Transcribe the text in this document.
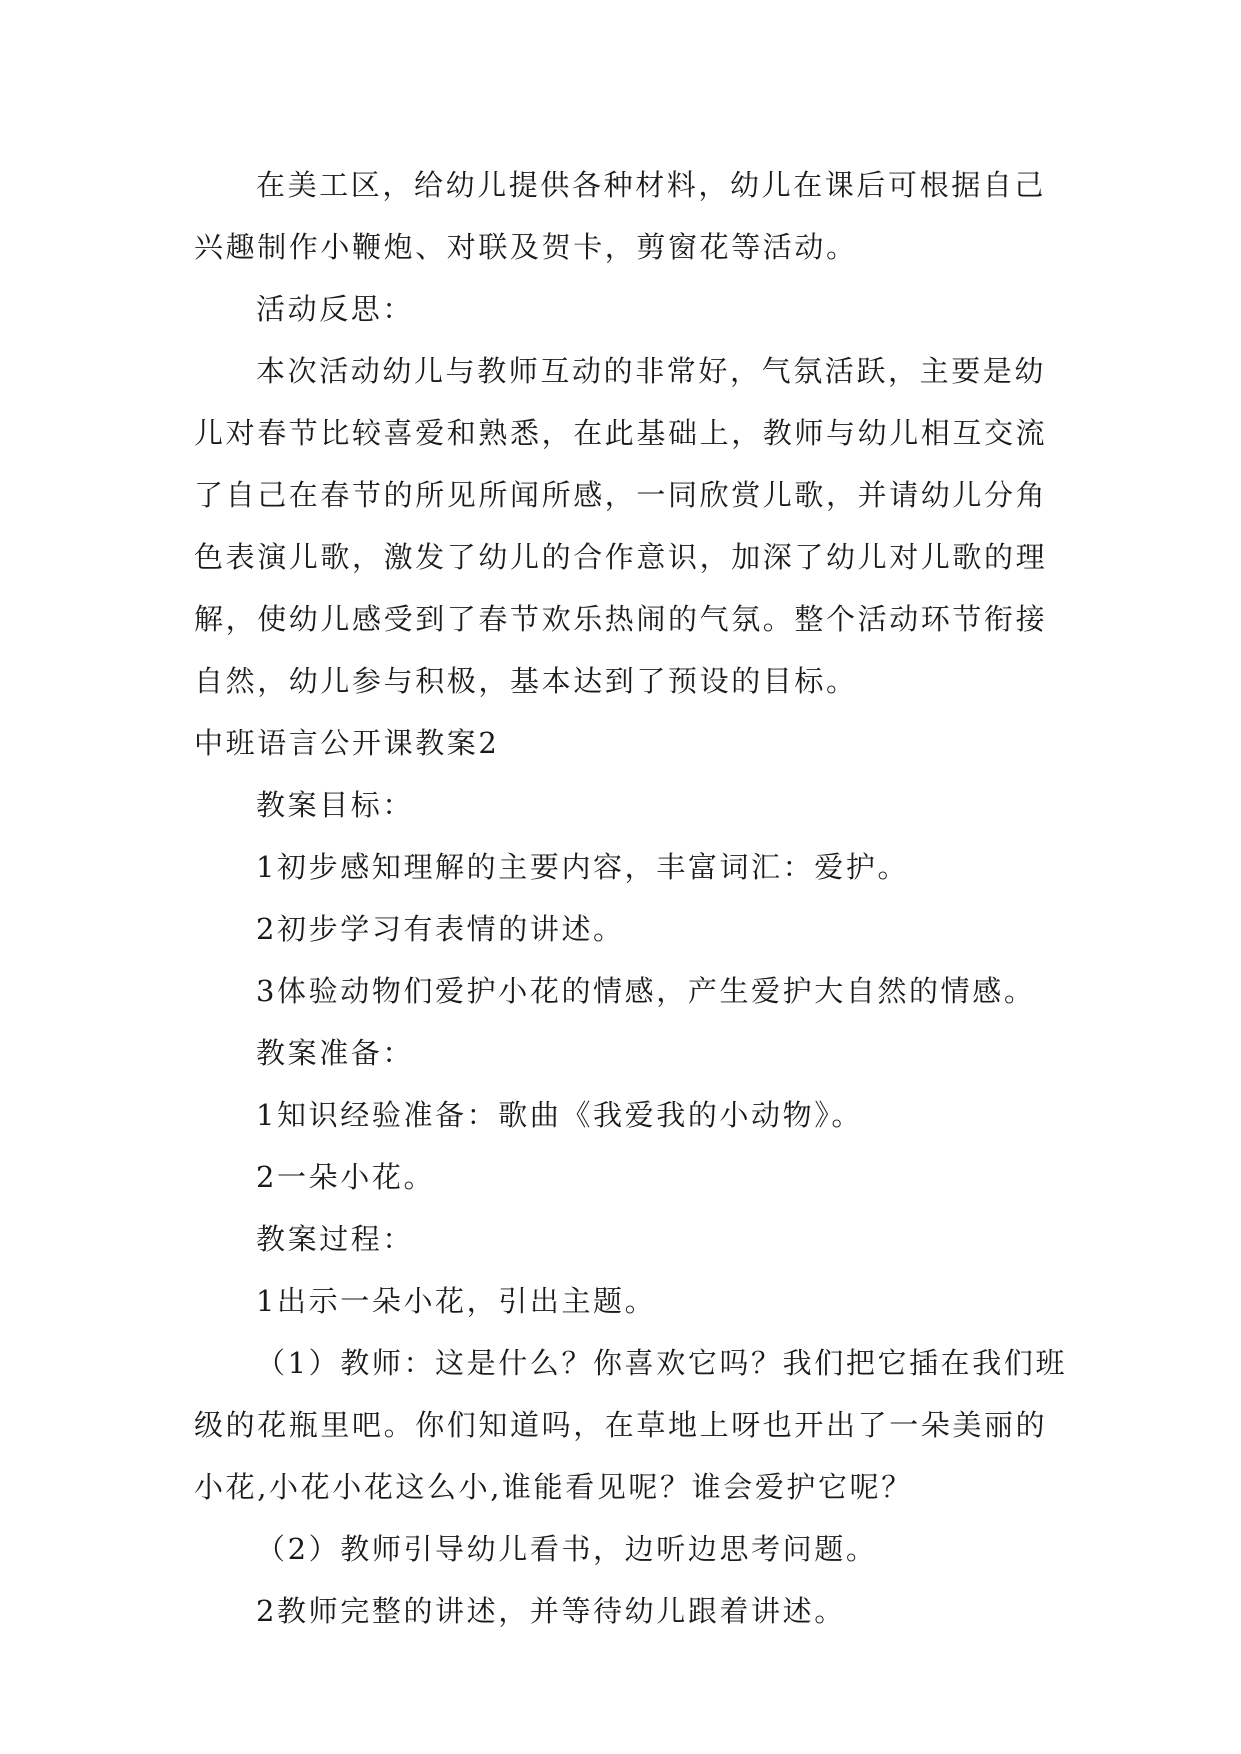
在美工区，给幼儿提供各种材料，幼儿在课后可根据自己兴趣制作小鞭炮、对联及贺卡，剪窗花等活动。

活动反思：

本次活动幼儿与教师互动的非常好，气氛活跃，主要是幼儿对春节比较喜爱和熟悉，在此基础上，教师与幼儿相互交流了自己在春节的所见所闻所感，一同欣赏儿歌，并请幼儿分角色表演儿歌，激发了幼儿的合作意识，加深了幼儿对儿歌的理解，使幼儿感受到了春节欢乐热闹的气氛。整个活动环节衔接自然，幼儿参与积极，基本达到了预设的目标。

中班语言公开课教案2

教案目标：

1初步感知理解的主要内容，丰富词汇：爱护。

2初步学习有表情的讲述。

3体验动物们爱护小花的情感，产生爱护大自然的情感。

教案准备：

1知识经验准备：歌曲《我爱我的小动物》。

2一朵小花。

教案过程：

1出示一朵小花，引出主题。

（1）教师：这是什么？你喜欢它吗？我们把它插在我们班级的花瓶里吧。你们知道吗，在草地上呀也开出了一朵美丽的小花,小花小花这么小,谁能看见呢？谁会爱护它呢？

（2）教师引导幼儿看书，边听边思考问题。

2教师完整的讲述，并等待幼儿跟着讲述。
